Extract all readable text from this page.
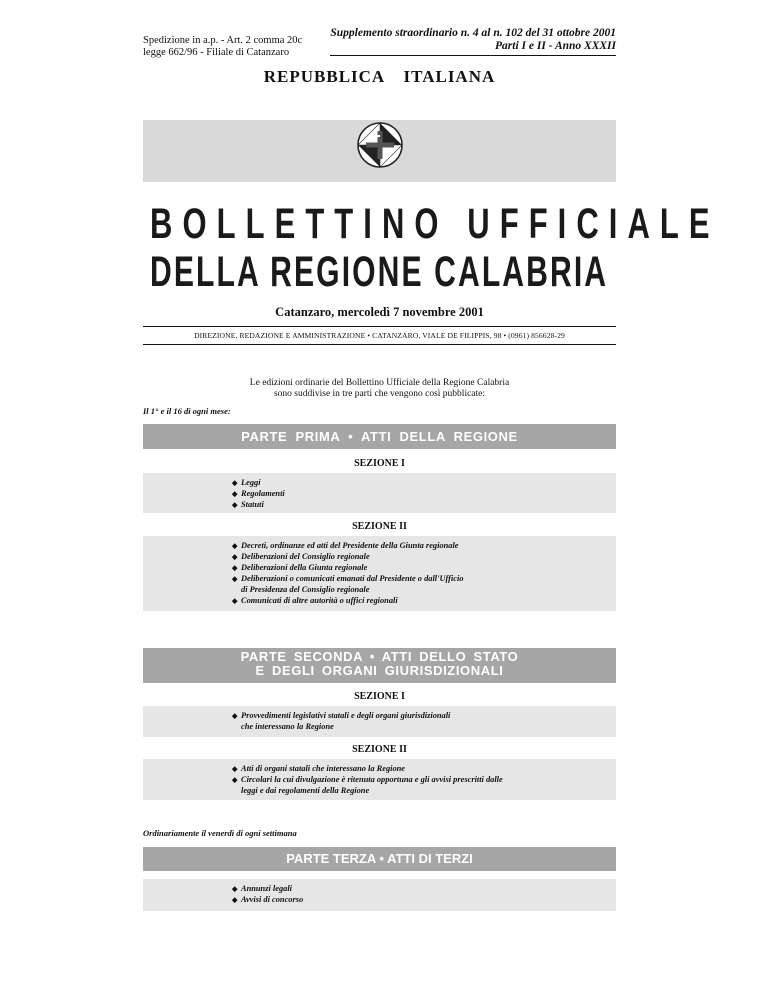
Spedizione in a.p. - Art. 2 comma 20c
legge 662/96 - Filiale di Catanzaro
Supplemento straordinario n. 4 al n. 102 del 31 ottobre 2001
Parti I e II - Anno XXXII
REPUBBLICA ITALIANA
BOLLETTINO UFFICIALE
DELLA REGIONE CALABRIA
Catanzaro, mercoledì 7 novembre 2001
DIREZIONE, REDAZIONE E AMMINISTRAZIONE • CATANZARO, VIALE DE FILIPPIS, 98 • (0961) 856628-29
Le edizioni ordinarie del Bollettino Ufficiale della Regione Calabria
sono suddivise in tre parti che vengono così pubblicate:
Il 1° e il 16 di ogni mese:
PARTE PRIMA • ATTI DELLA REGIONE
SEZIONE I
◆ Leggi
◆ Regolamenti
◆ Statuti
SEZIONE II
◆ Decreti, ordinanze ed atti del Presidente della Giunta regionale
◆ Deliberazioni del Consiglio regionale
◆ Deliberazioni della Giunta regionale
◆ Deliberazioni o comunicati emanati dal Presidente o dall'Ufficio
di Presidenza del Consiglio regionale
◆ Comunicati di altre autorità o uffici regionali
PARTE SECONDA • ATTI DELLO STATO
E DEGLI ORGANI GIURISDIZIONALI
SEZIONE I
◆ Provvedimenti legislativi statali e degli organi giurisdizionali
che interessano la Regione
SEZIONE II
◆ Atti di organi statali che interessano la Regione
◆ Circolari la cui divulgazione è ritenuta opportuna e gli avvisi prescritti dalle
leggi e dai regolamenti della Regione
Ordinariamente il venerdì di ogni settimana
PARTE TERZA • ATTI DI TERZI
◆ Annunzi legali
◆ Avvisi di concorso
